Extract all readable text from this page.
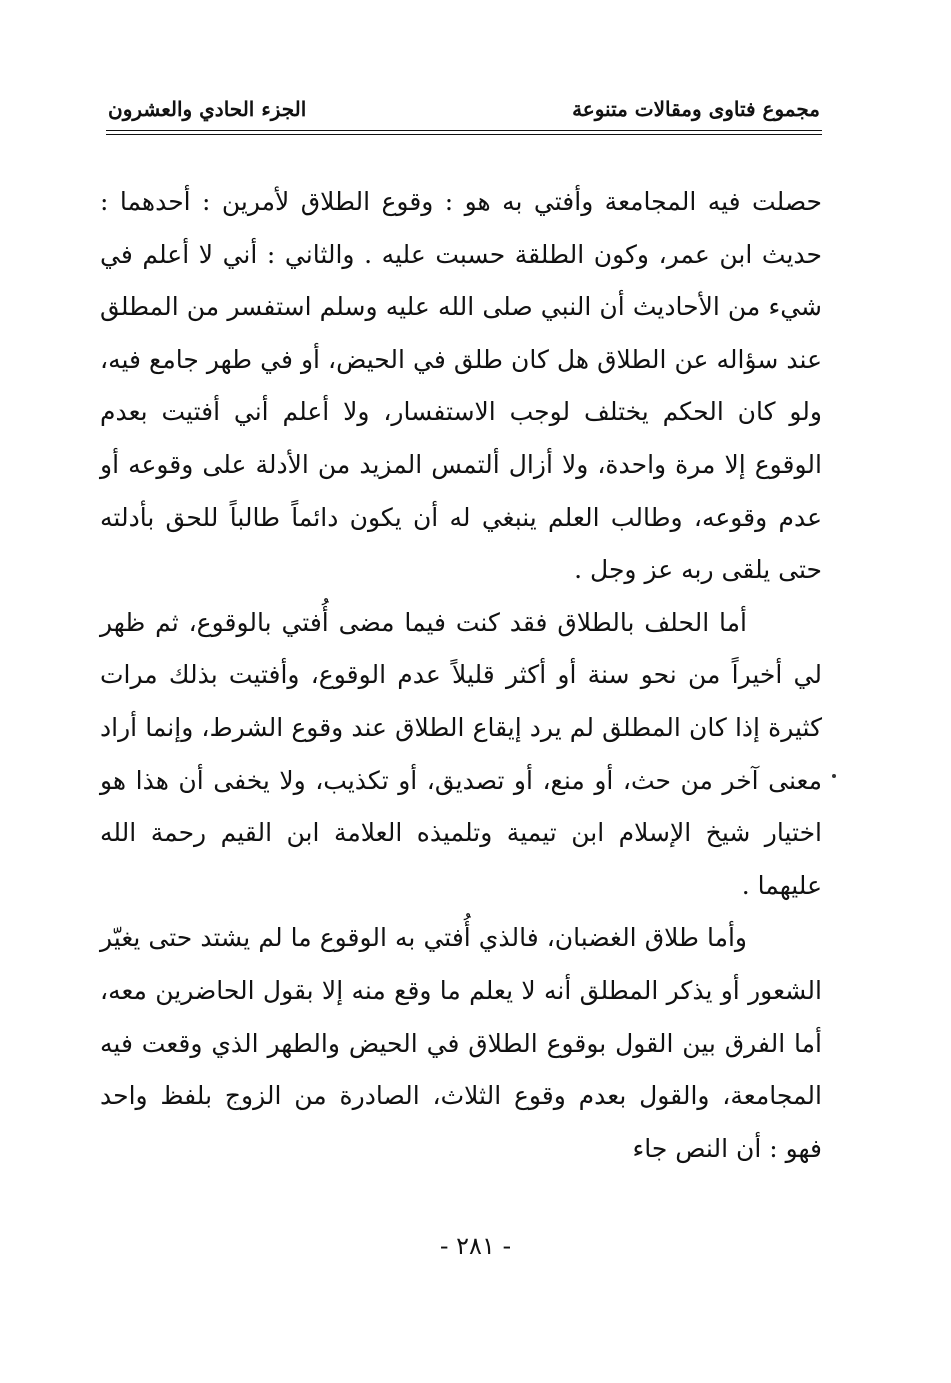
مجموع فتاوى ومقالات متنوعة
الجزء الحادي والعشرون

حصلت فيه المجامعة وأفتي به هو : وقوع الطلاق لأمرين : أحدهما : حديث ابن عمر، وكون الطلقة حسبت عليه . والثاني : أني لا أعلم في شيء من الأحاديث أن النبي صلى الله عليه وسلم استفسر من المطلق عند سؤاله عن الطلاق هل كان طلق في الحيض، أو في طهر جامع فيه، ولو كان الحكم يختلف لوجب الاستفسار، ولا أعلم أني أفتيت بعدم الوقوع إلا مرة واحدة، ولا أزال ألتمس المزيد من الأدلة على وقوعه أو عدم وقوعه، وطالب العلم ينبغي له أن يكون دائماً طالباً للحق بأدلته حتى يلقى ربه عز وجل .

أما الحلف بالطلاق فقد كنت فيما مضى أُفتي بالوقوع، ثم ظهر لي أخيراً من نحو سنة أو أكثر قليلاً عدم الوقوع، وأفتيت بذلك مرات كثيرة إذا كان المطلق لم يرد إيقاع الطلاق عند وقوع الشرط، وإنما أراد معنى آخر من حث، أو منع، أو تصديق، أو تكذيب، ولا يخفى أن هذا هو اختيار شيخ الإسلام ابن تيمية وتلميذه العلامة ابن القيم رحمة الله عليهما .

وأما طلاق الغضبان، فالذي أُفتي به الوقوع ما لم يشتد حتى يغيّر الشعور أو يذكر المطلق أنه لا يعلم ما وقع منه إلا بقول الحاضرين معه، أما الفرق بين القول بوقوع الطلاق في الحيض والطهر الذي وقعت فيه المجامعة، والقول بعدم وقوع الثلاث، الصادرة من الزوج بلفظ واحد فهو : أن النص جاء

- ٢٨١ -
